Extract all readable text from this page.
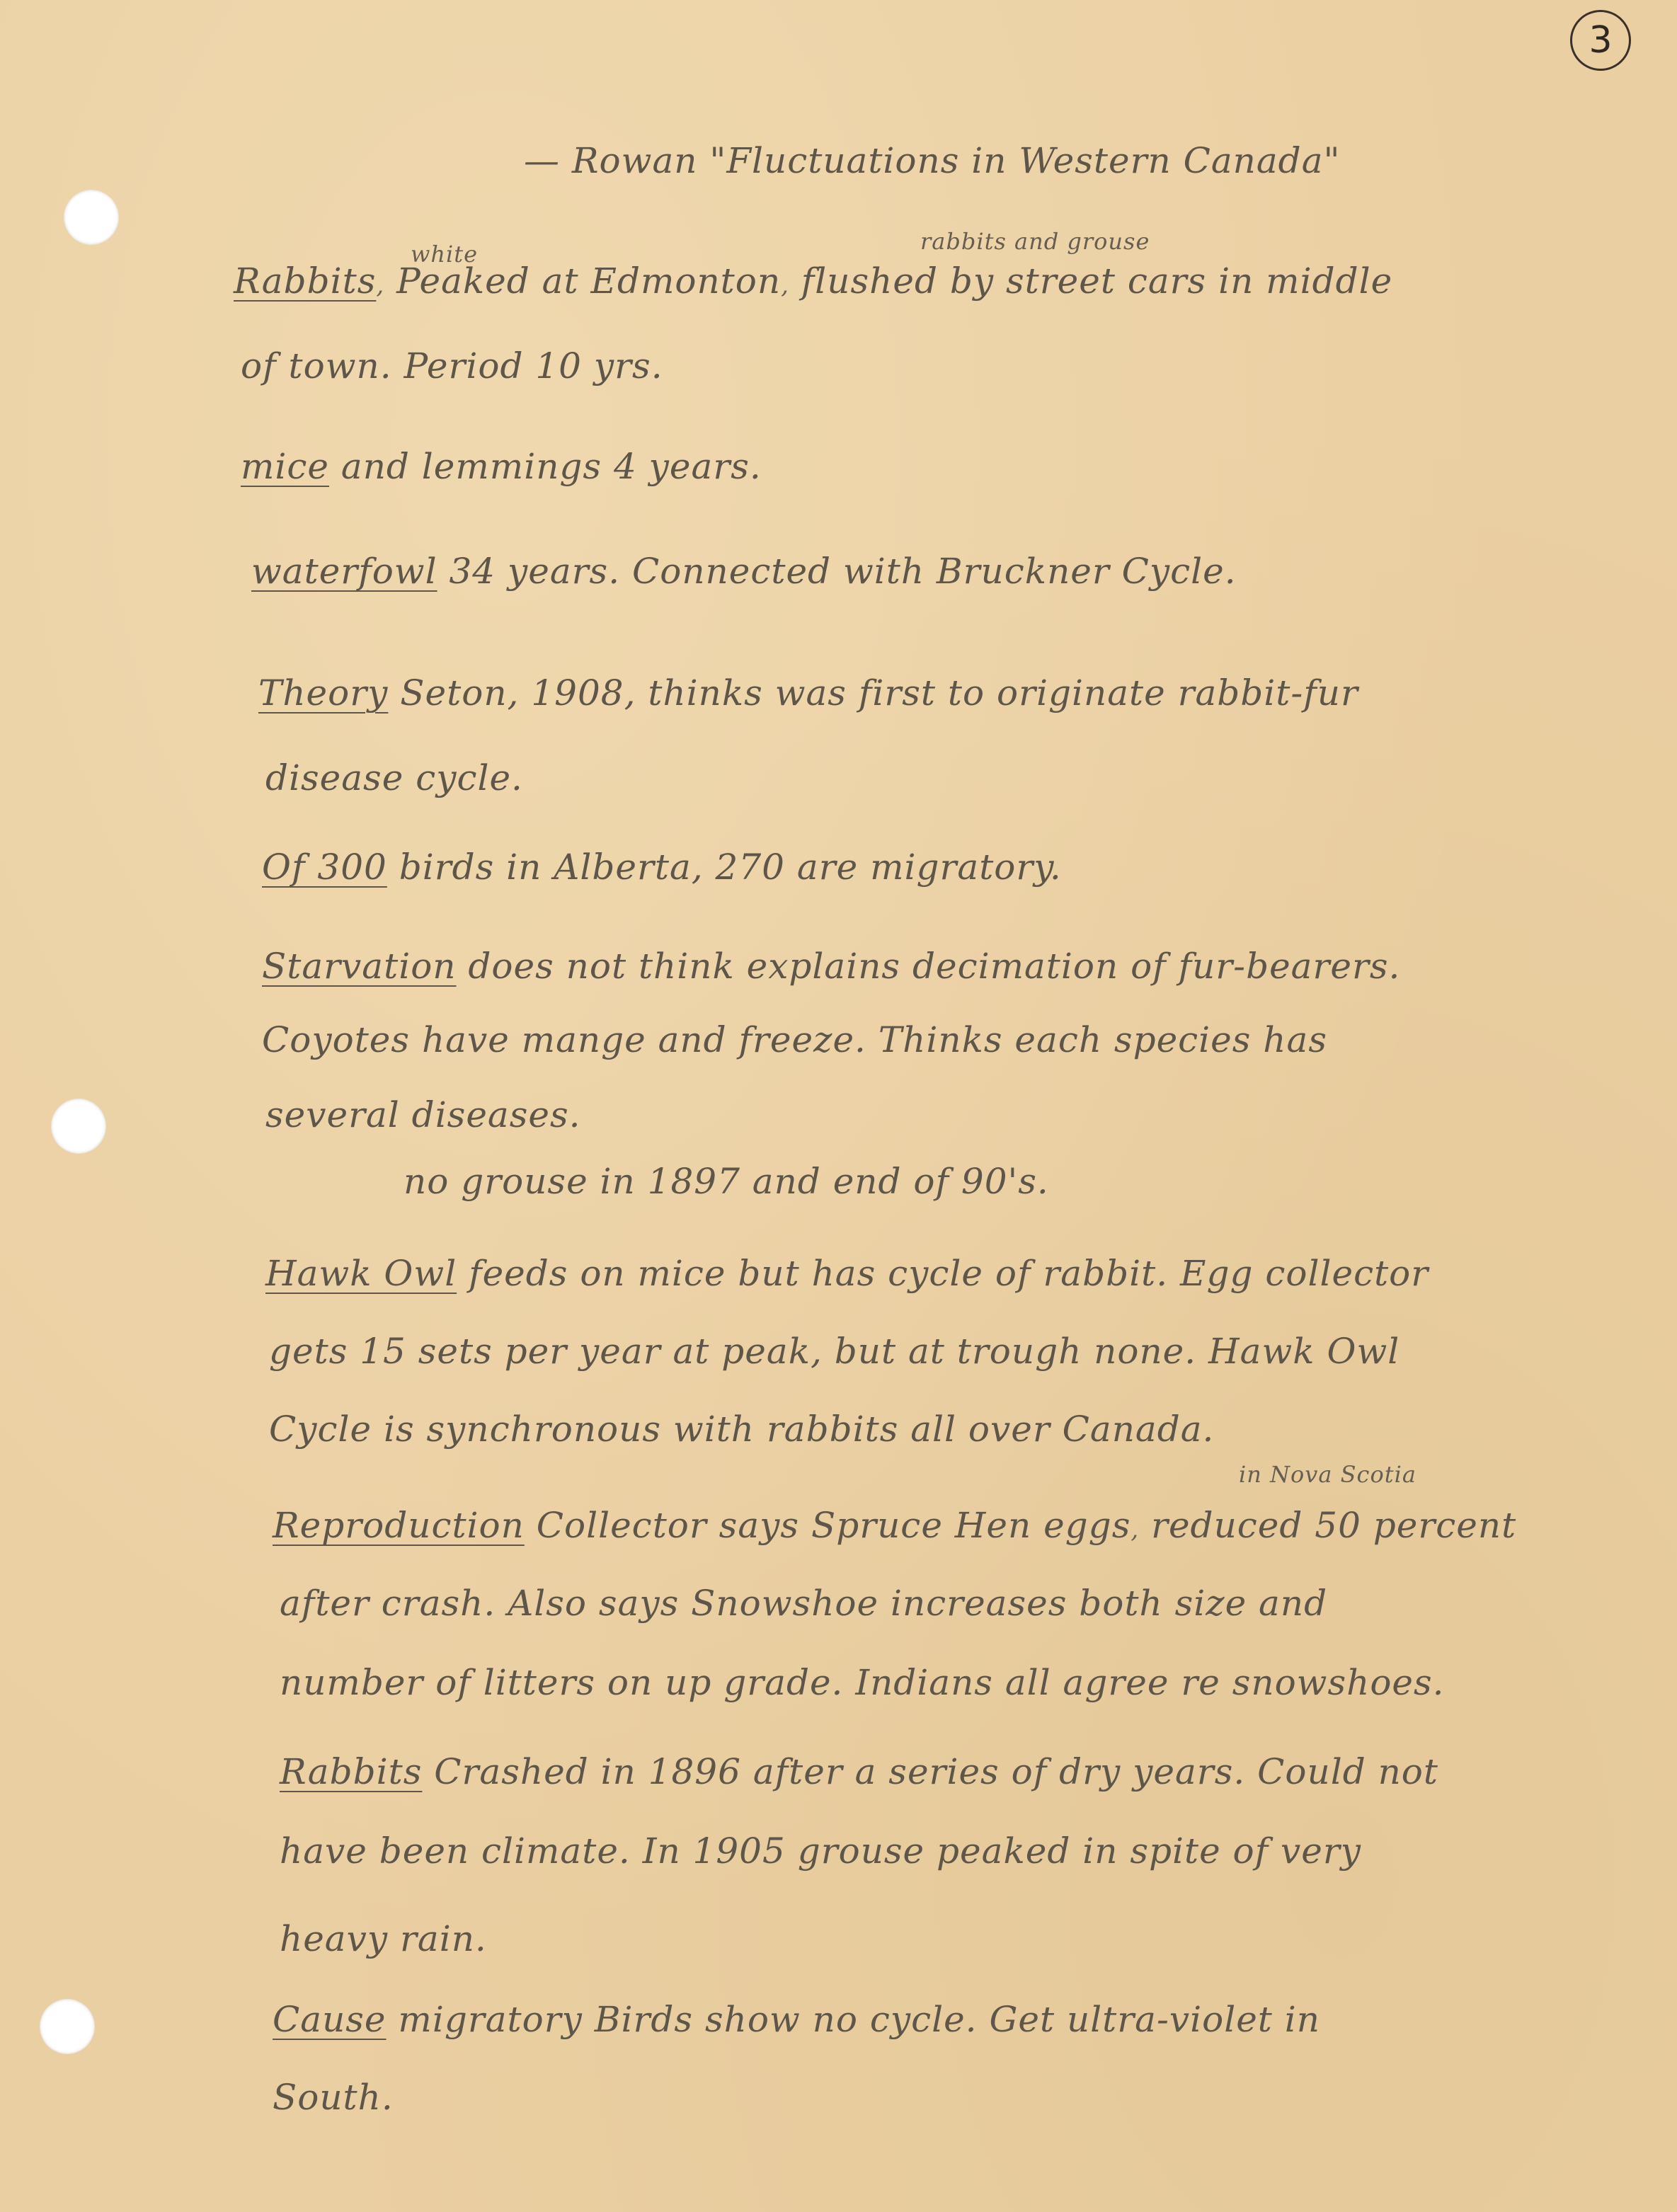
3
— Rowan "Fluctuations in Western Canada"
white	rabbits and grouse
Rabbits, Peaked at Edmonton, flushed by street cars in middle
of town. Period 10 yrs.
mice and lemmings 4 years.
waterfowl 34 years. Connected with Bruckner Cycle.
Theory Seton, 1908, thinks was first to originate rabbit-fur
disease cycle.
Of 300 birds in Alberta, 270 are migratory.
Starvation does not think explains decimation of fur-bearers.
Coyotes have mange and freeze. Thinks each species has
several diseases.
no grouse in 1897 and end of 90's.
Hawk Owl feeds on mice but has cycle of rabbit. Egg collector
gets 15 sets per year at peak, but at trough none. Hawk Owl
Cycle is synchronous with rabbits all over Canada.
in Nova Scotia
Reproduction Collector says Spruce Hen eggs, reduced 50 percent
after crash. Also says Snowshoe increases both size and
number of litters on up grade. Indians all agree re snowshoes.
Rabbits Crashed in 1896 after a series of dry years. Could not
have been climate. In 1905 grouse peaked in spite of very
heavy rain.
Cause migratory Birds show no cycle. Get ultra-violet in
South.
